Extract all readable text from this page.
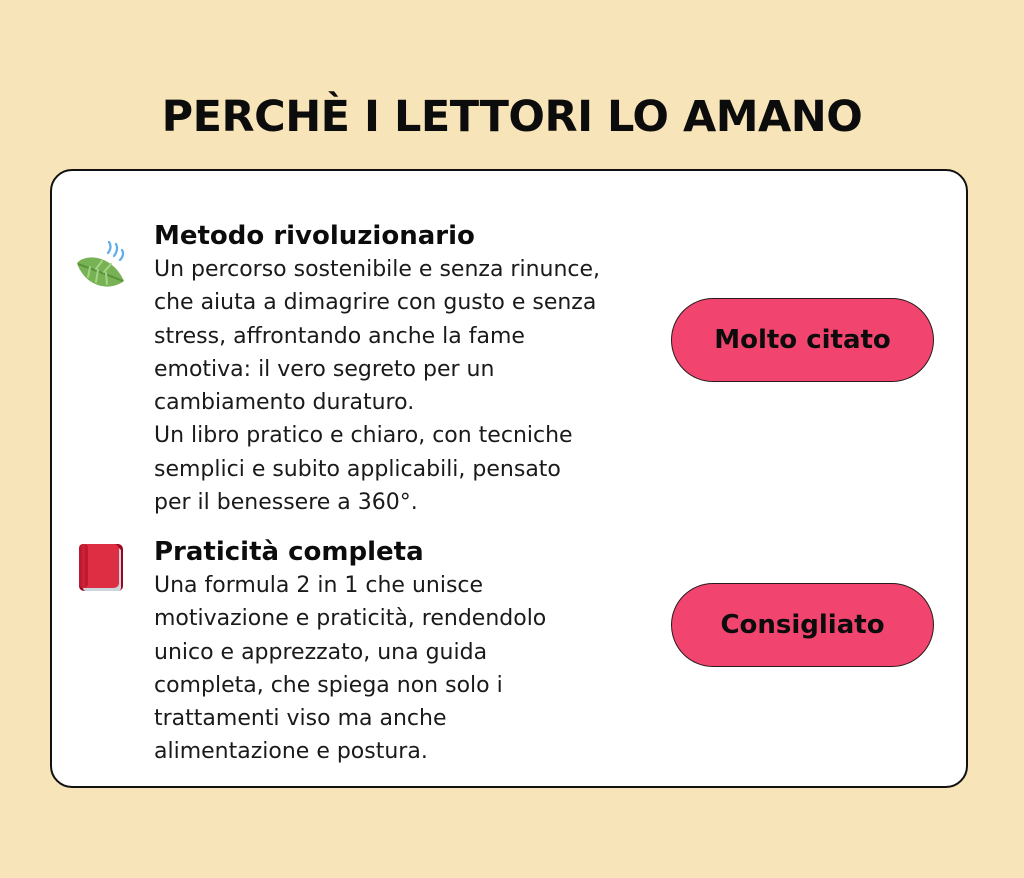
PERCHÈ I LETTORI LO AMANO

Metodo rivoluzionario

Un percorso sostenibile e senza rinunce,
che aiuta a dimagrire con gusto e senza
stress, affrontando anche la fame
emotiva: il vero segreto per un
cambiamento duraturo.
Un libro pratico e chiaro, con tecniche
semplici e subito applicabili, pensato
per il benessere a 360°.

Molto citato

Praticità completa

Una formula 2 in 1 che unisce
motivazione e praticità, rendendolo
unico e apprezzato, una guida
completa, che spiega non solo i
trattamenti viso ma anche
alimentazione e postura.

Consigliato
